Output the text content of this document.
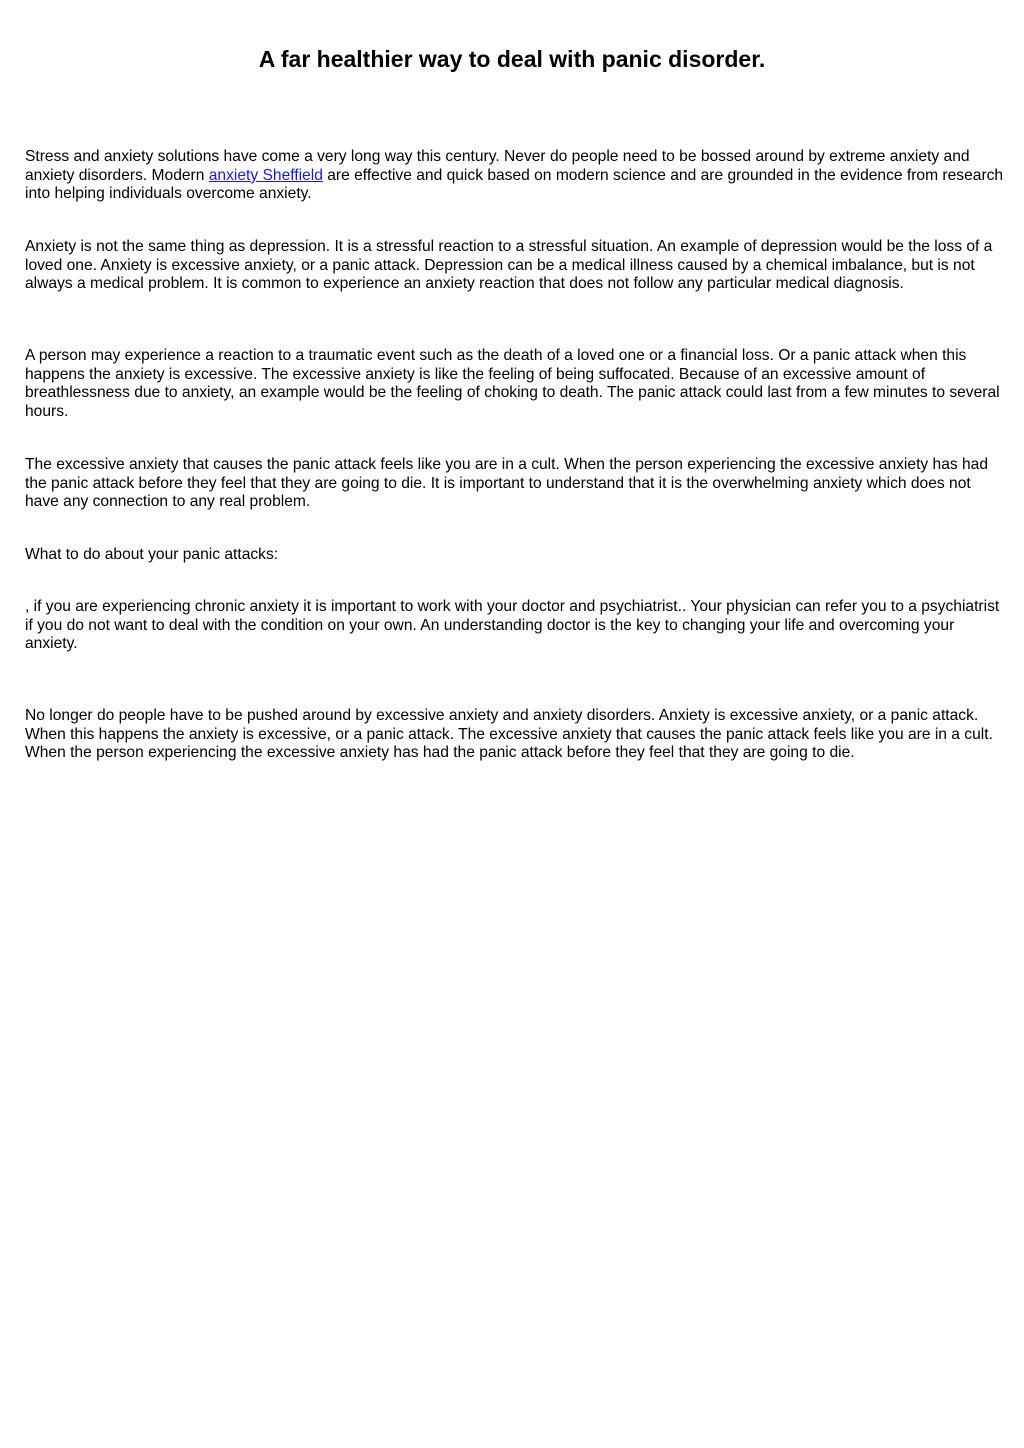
A far healthier way to deal with panic disorder.

Stress and anxiety solutions have come a very long way this century. Never do people need to be bossed around by extreme anxiety and anxiety disorders. Modern anxiety Sheffield are effective and quick based on modern science and are grounded in the evidence from research into helping individuals overcome anxiety.

Anxiety is not the same thing as depression. It is a stressful reaction to a stressful situation. An example of depression would be the loss of a loved one. Anxiety is excessive anxiety, or a panic attack. Depression can be a medical illness caused by a chemical imbalance, but is not always a medical problem. It is common to experience an anxiety reaction that does not follow any particular medical diagnosis.

A person may experience a reaction to a traumatic event such as the death of a loved one or a financial loss. Or a panic attack when this happens the anxiety is excessive. The excessive anxiety is like the feeling of being suffocated. Because of an excessive amount of breathlessness due to anxiety, an example would be the feeling of choking to death. The panic attack could last from a few minutes to several hours.

The excessive anxiety that causes the panic attack feels like you are in a cult. When the person experiencing the excessive anxiety has had the panic attack before they feel that they are going to die. It is important to understand that it is the overwhelming anxiety which does not have any connection to any real problem.

What to do about your panic attacks:

, if you are experiencing chronic anxiety it is important to work with your doctor and psychiatrist.. Your physician can refer you to a psychiatrist if you do not want to deal with the condition on your own. An understanding doctor is the key to changing your life and overcoming your anxiety.

No longer do people have to be pushed around by excessive anxiety and anxiety disorders. Anxiety is excessive anxiety, or a panic attack. When this happens the anxiety is excessive, or a panic attack. The excessive anxiety that causes the panic attack feels like you are in a cult. When the person experiencing the excessive anxiety has had the panic attack before they feel that they are going to die.
